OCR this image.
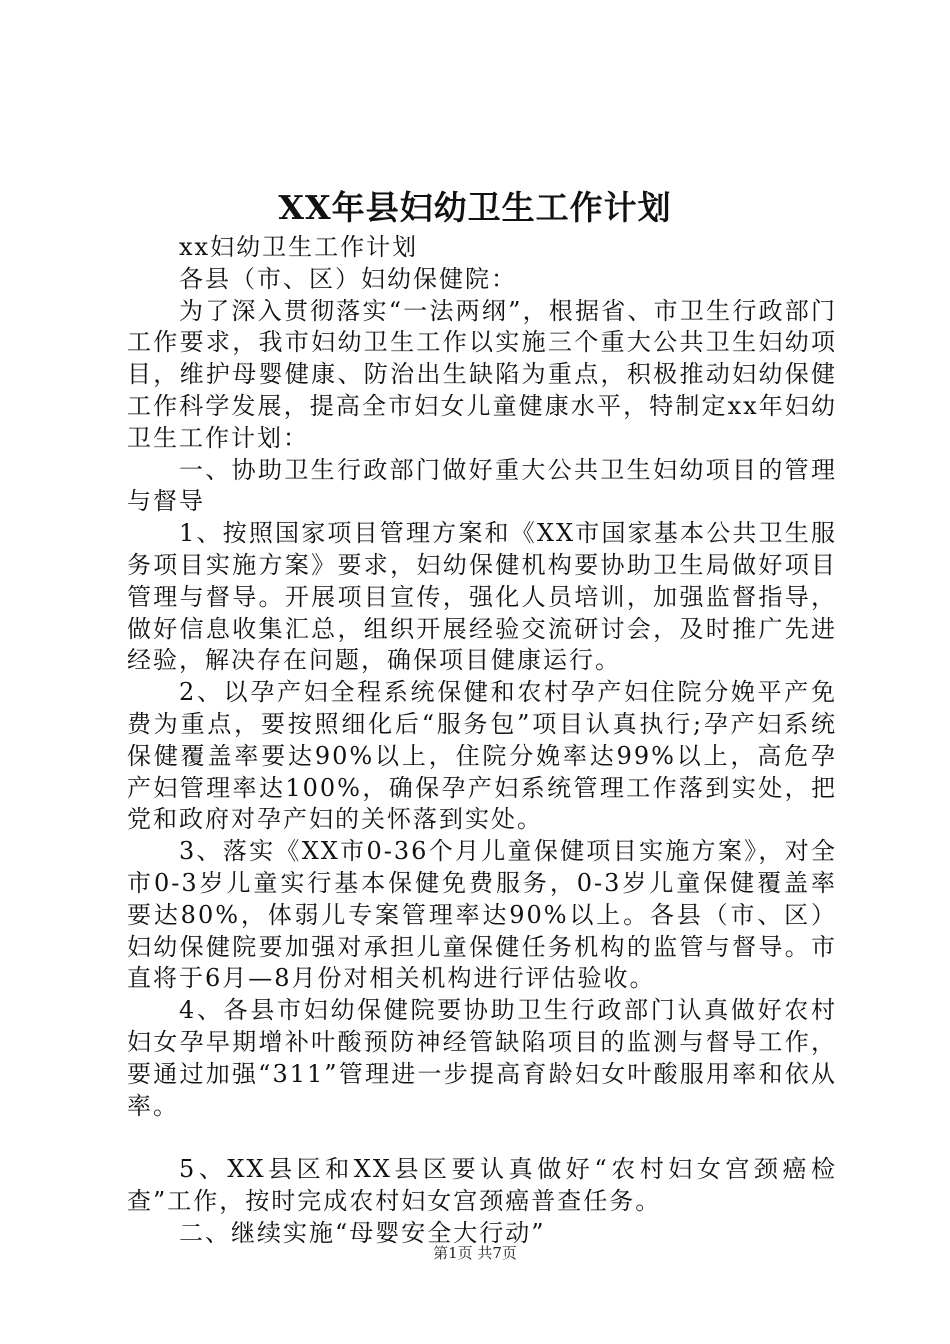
XX年县妇幼卫生工作计划

xx妇幼卫生工作计划

各县（市、区）妇幼保健院：

为了深入贯彻落实“一法两纲”，根据省、市卫生行政部门工作要求，我市妇幼卫生工作以实施三个重大公共卫生妇幼项目，维护母婴健康、防治出生缺陷为重点，积极推动妇幼保健工作科学发展，提高全市妇女儿童健康水平，特制定xx年妇幼卫生工作计划：

一、协助卫生行政部门做好重大公共卫生妇幼项目的管理与督导

1、按照国家项目管理方案和《XX市国家基本公共卫生服务项目实施方案》要求，妇幼保健机构要协助卫生局做好项目管理与督导。开展项目宣传，强化人员培训，加强监督指导，做好信息收集汇总，组织开展经验交流研讨会，及时推广先进经验，解决存在问题，确保项目健康运行。

2、以孕产妇全程系统保健和农村孕产妇住院分娩平产免费为重点，要按照细化后“服务包”项目认真执行;孕产妇系统保健覆盖率要达90%以上，住院分娩率达99%以上，高危孕产妇管理率达100%，确保孕产妇系统管理工作落到实处，把党和政府对孕产妇的关怀落到实处。

3、落实《XX市0-36个月儿童保健项目实施方案》，对全市0-3岁儿童实行基本保健免费服务，0-3岁儿童保健覆盖率要达80%，体弱儿专案管理率达90%以上。各县（市、区）妇幼保健院要加强对承担儿童保健任务机构的监管与督导。市直将于6月—8月份对相关机构进行评估验收。

4、各县市妇幼保健院要协助卫生行政部门认真做好农村妇女孕早期增补叶酸预防神经管缺陷项目的监测与督导工作，要通过加强“311”管理进一步提高育龄妇女叶酸服用率和依从率。

5、XX县区和XX县区要认真做好“农村妇女宫颈癌检查”工作，按时完成农村妇女宫颈癌普查任务。

二、继续实施“母婴安全大行动”

第1页 共7页
